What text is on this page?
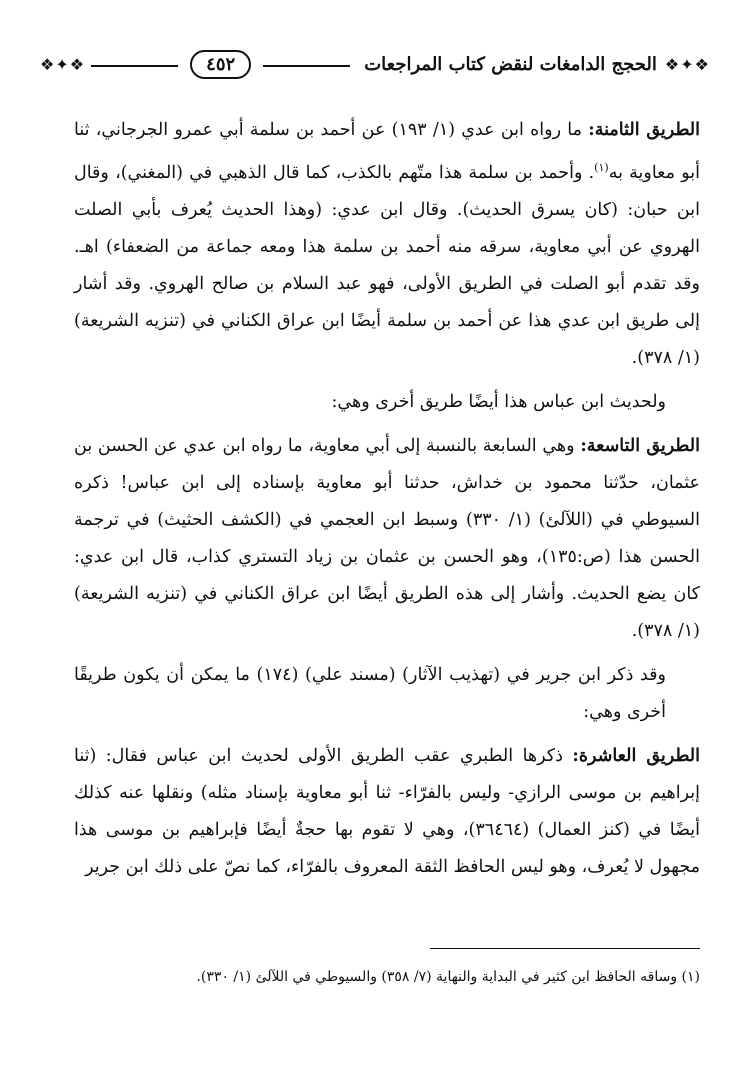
❖✦❖
الحجج الدامغات لنقض كتاب المراجعات
٤٥٢
❖✦❖

الطريق الثامنة: ما رواه ابن عدي (١/ ١٩٣) عن أحمد بن سلمة أبي عمرو الجرجاني، ثنا أبو معاوية به$^{(١)}$. وأحمد بن سلمة هذا متّهم بالكذب، كما قال الذهبي في (المغني)، وقال ابن حبان: (كان يسرق الحديث). وقال ابن عدي: (وهذا الحديث يُعرف بأبي الصلت الهروي عن أبي معاوية، سرقه منه أحمد بن سلمة هذا ومعه جماعة من الضعفاء) اهـ. وقد تقدم أبو الصلت في الطريق الأولى، فهو عبد السلام بن صالح الهروي. وقد أشار إلى طريق ابن عدي هذا عن أحمد بن سلمة أيضًا ابن عراق الكناني في (تنزيه الشريعة) (١/ ٣٧٨).

ولحديث ابن عباس هذا أيضًا طريق أخرى وهي:

الطريق التاسعة: وهي السابعة بالنسبة إلى أبي معاوية، ما رواه ابن عدي عن الحسن بن عثمان، حدّثنا محمود بن خداش، حدثنا أبو معاوية بإسناده إلى ابن عباس! ذكره السيوطي في (اللآلئ) (١/ ٣٣٠) وسبط ابن العجمي في (الكشف الحثيث) في ترجمة الحسن هذا (ص:١٣٥)، وهو الحسن بن عثمان بن زياد التستري كذاب، قال ابن عدي: كان يضع الحديث. وأشار إلى هذه الطريق أيضًا ابن عراق الكناني في (تنزيه الشريعة) (١/ ٣٧٨).

وقد ذكر ابن جرير في (تهذيب الآثار) (مسند علي) (١٧٤) ما يمكن أن يكون طريقًا أخرى وهي:

الطريق العاشرة: ذكرها الطبري عقب الطريق الأولى لحديث ابن عباس فقال: (ثنا إبراهيم بن موسى الرازي- وليس بالفرّاء- ثنا أبو معاوية بإسناد مثله) ونقلها عنه كذلك أيضًا في (كنز العمال) (٣٦٤٦٤)، وهي لا تقوم بها حجةٌ أيضًا فإبراهيم بن موسى هذا مجهول لا يُعرف، وهو ليس الحافظ الثقة المعروف بالفرّاء، كما نصّ على ذلك ابن جرير

(١) وساقه الحافظ ابن كثير في البداية والنهاية (٧/ ٣٥٨) والسيوطي في اللآلئ (١/ ٣٣٠).
